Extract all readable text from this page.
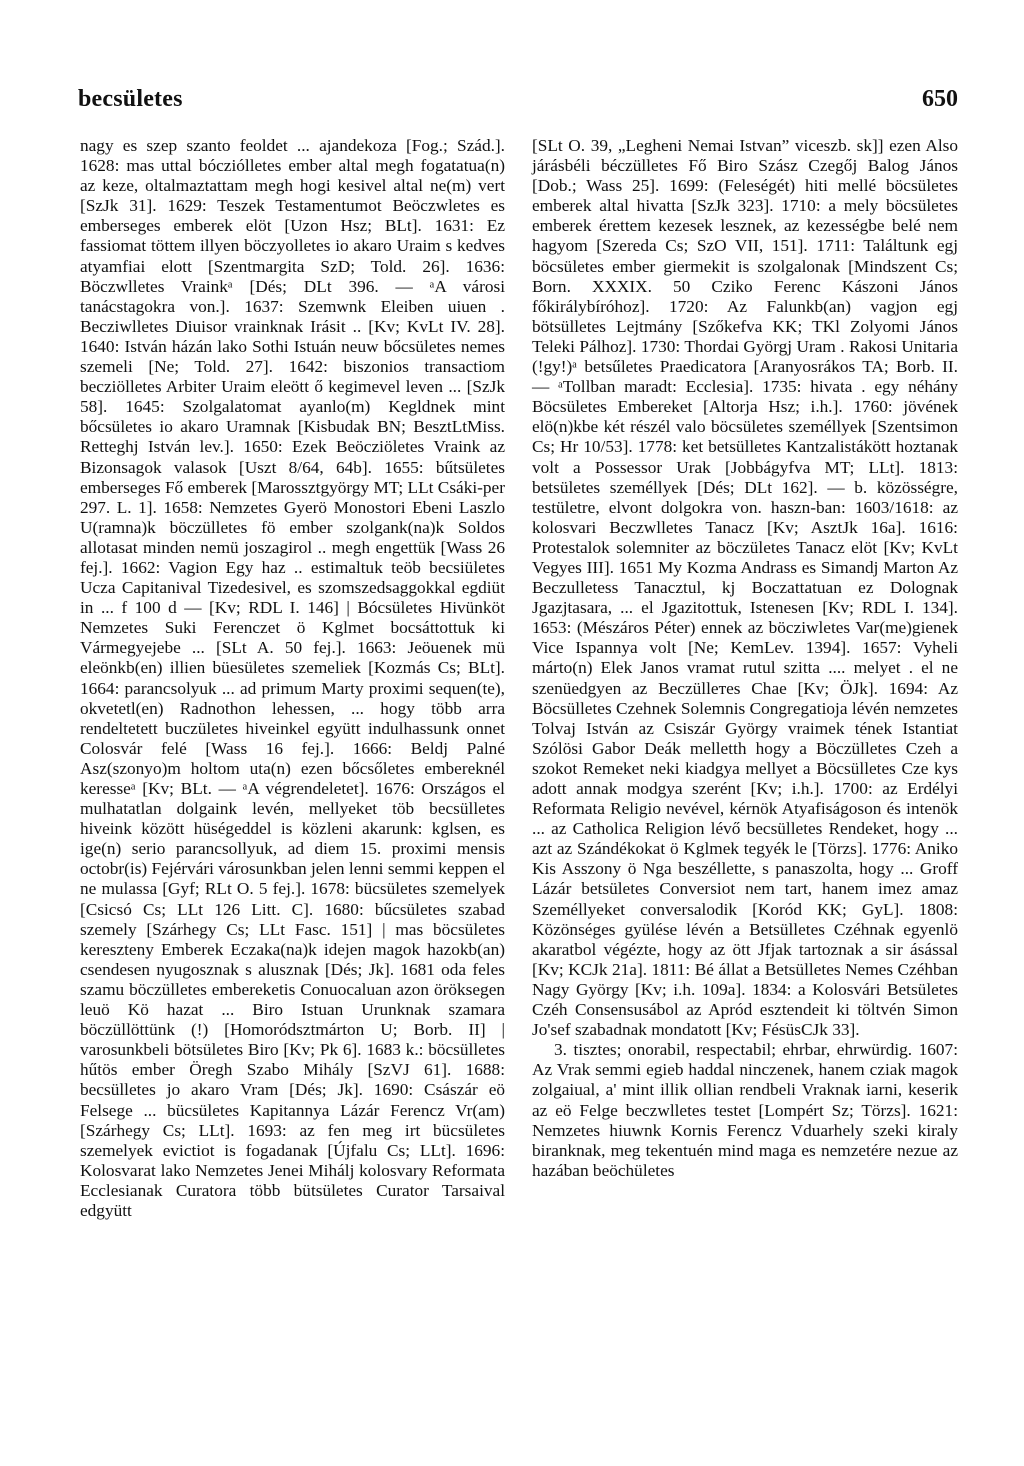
becsületes	650

nagy es szep szanto feoldet ... ajandekoza [Fog.; Szád.]. 1628: mas uttal bócziólletes ember altal megh fogatatua(n) az keze, oltalmaztattam megh hogi kesivel altal ne(m) vert [SzJk 31]. 1629: Teszek Testamentumot Beöczwletes es emberseges emberek elöt [Uzon Hsz; BLt]. 1631: Ez fassiomat töttem illyen böczyolletes io akaro Uraim s kedves atyamfiai elott [Szentmargita SzD; Told. 26]. 1636: Böczwlletes Vrainkᵃ [Dés; DLt 396. — ᵃA városi tanácstagokra von.]. 1637: Szemwnk Eleiben uiuen . Becziwlletes Diuisor vrainknak Irásit .. [Kv; KvLt IV. 28]. 1640: István házán lako Sothi Istuán neuw bőcsületes nemes szemeli [Ne; Told. 27]. 1642: biszonios transactiom becziölletes Arbiter Uraim eleött ő kegimevel leven ... [SzJk 58]. 1645: Szolgalatomat ayanlo(m) Kegldnek mint bőcsületes io akaro Uramnak [Kisbudak BN; BesztLtMiss. Retteghj István lev.]. 1650: Ezek Beöcziöletes Vraink az Bizonsagok valasok [Uszt 8/64, 64b]. 1655: bűtsületes emberseges Fő emberek [Marossztgyörgy MT; LLt Csáki-per 297. L. 1]. 1658: Nemzetes Gyerö Monostori Ebeni Laszlo U(ramna)k böczülletes fö ember szolgank(na)k Soldos allotasat minden nemü joszagirol .. megh engettük [Wass 26 fej.]. 1662: Vagion Egy haz .. estimaltuk teöb becsiületes Ucza Capitanival Tizedesivel, es szomszedsaggokkal egdiüt in ... f 100 d — [Kv; RDL I. 146] | Bócsületes Hivünköt Nemzetes Suki Ferenczet ö Kglmet bocsáttottuk ki Vármegyejebe ... [SLt A. 50 fej.]. 1663: Jeöuenek mü eleönkb(en) illien büesületes szemeliek [Kozmás Cs; BLt]. 1664: parancsolyuk ... ad primum Marty proximi sequen(te), okvetetl(en) Radnothon lehessen, ... hogy több arra rendeltetett buczületes hiveinkel együtt indulhassunk onnet Colosvár felé [Wass 16 fej.]. 1666: Beldj Palné Asz(szonyo)m holtom uta(n) ezen bőcsőletes embereknél keresseᵃ [Kv; BLt. — ᵃA végrendeletet]. 1676: Országos el mulhatatlan dolgaink levén, mellyeket töb becsülletes hiveink között hüségeddel is közleni akarunk: kglsen, es ige(n) serio parancsollyuk, ad diem 15. proximi mensis octobr(is) Fejérvári városunkban jelen lenni semmi keppen el ne mulassa [Gyf; RLt O. 5 fej.]. 1678: bücsületes szemelyek [Csicsó Cs; LLt 126 Litt. C]. 1680: bűcsületes szabad szemely [Szárhegy Cs; LLt Fasc. 151] | mas böcsületes kereszteny Emberek Eczaka(na)k idejen magok hazokb(an) csendesen nyugosznak s alusznak [Dés; Jk]. 1681 oda feles szamu böczülletes embereketis Conuocaluan azon öröksegen leuö Kö hazat ... Biro Istuan Urunknak szamara böczüllöttünk (!) [Homoródsztmárton U; Borb. II] | varosunkbeli bötsületes Biro [Kv; Pk 6]. 1683 k.: böcsülletes hűtös ember Öregh Szabo Mihály [SzVJ 61]. 1688: becsülletes jo akaro Vram [Dés; Jk]. 1690: Császár eö Felsege ... bücsületes Kapitannya Lázár Ferencz Vr(am) [Szárhegy Cs; LLt]. 1693: az fen meg irt bücsületes szemelyek evictiot is fogadanak [Újfalu Cs; LLt]. 1696: Kolosvarat lako Nemzetes Jenei Mihálj kolosvary Reformata Ecclesianak Curatora több bütsületes Curator Tarsaival edgyütt

[SLt O. 39, „Legheni Nemai Istvan” viceszb. sk]] ezen Also járásbéli béczülletes Fő Biro Szász Czegőj Balog János [Dob.; Wass 25]. 1699: (Feleségét) hiti mellé böcsületes emberek altal hivatta [SzJk 323]. 1710: a mely böcsületes emberek érettem kezesek lesznek, az kezességbe belé nem hagyom [Szereda Cs; SzO VII, 151]. 1711: Találtunk egj böcsületes ember giermekit is szolgalonak [Mindszent Cs; Born. XXXIX. 50 Cziko Ferenc Kászoni János főkirálybíróhoz]. 1720: Az Falunkb(an) vagjon egj bötsülletes Lejtmány [Szőkefva KK; TKl Zolyomi János Teleki Pálhoz]. 1730: Thordai Györgj Uram . Rakosi Unitaria (!gy!)ᵃ betsűletes Praedicatora [Aranyosrákos TA; Borb. II. — ᵃTollban maradt: Ecclesia]. 1735: hivata . egy néhány Böcsületes Embereket [Altorja Hsz; i.h.]. 1760: jövének elö(n)kbe két részél valo böcsületes személlyek [Szentsimon Cs; Hr 10/53]. 1778: ket betsülletes Kantzalistákött hoztanak volt a Possessor Urak [Jobbágyfva MT; LLt]. 1813: betsületes személlyek [Dés; DLt 162]. — b. közösségre, testületre, elvont dolgokra von. haszn-ban: 1603/1618: az kolosvari Beczwlletes Tanacz [Kv; AsztJk 16a]. 1616: Protestalok solemniter az böczületes Tanacz elöt [Kv; KvLt Vegyes III]. 1651 My Kozma Andrass es Simandj Marton Az Beczulletess Tanacztul, kj Boczattatuan ez Dolognak Jgazjtasara, ... el Jgazitottuk, Istenesen [Kv; RDL I. 134]. 1653: (Mészáros Péter) ennek az böcziwletes Var(me)gienek Vice Ispannya volt [Ne; KemLev. 1394]. 1657: Vyheli márto(n) Elek Janos vramat rutul szitta .... melyet . el ne szenüedgyen az Beczüllетes Chae [Kv; ÖJk]. 1694: Az Böcsülletes Czehnek Solemnis Congregatioja lévén nemzetes Tolvaj István az Csiszár György vraimek tének Istantiat Szólösi Gabor Deák melletth hogy a Böczülletes Czeh a szokot Remeket neki kiadgya mellyet a Böcsülletes Cze kys adott annak modgya szerént [Kv; i.h.]. 1700: az Erdélyi Reformata Religio nevével, kérnök Atyafiságoson és intenök ... az Catholica Religion lévő becsülletes Rendeket, hogy ... azt az Szándékokat ö Kglmek tegyék le [Törzs]. 1776: Aniko Kis Asszony ö Nga beszéllette, s panaszolta, hogy ... Groff Lázár betsületes Conversiot nem tart, hanem imez amaz Személlyeket conversalodik [Koród KK; GyL]. 1808: Közönséges gyülése lévén a Betsülletes Czéhnak egyenlö akaratbol végézte, hogy az ött Jfjak tartoznak a sir ásással [Kv; KCJk 21a]. 1811: Bé állat a Betsülletes Nemes Czéhban Nagy György [Kv; i.h. 109a]. 1834: a Kolosvári Betsületes Czéh Consensusábol az Apród esztendeit ki töltvén Simon Jo'sef szabadnak mondatott [Kv; FésüsCJk 33].

3. tisztes; onorabil, respectabil; ehrbar, ehrwürdig. 1607: Az Vrak semmi egieb haddal ninczenek, hanem cziak magok zolgaiual, a' mint illik ollian rendbeli Vraknak iarni, keserik az eö Felge beczwlletes testet [Lompért Sz; Törzs]. 1621: Nemzetes hiuwnk Kornis Ferencz Vduarhely szeki kiraly biranknak, meg tekentuén mind maga es nemzetére nezue az hazában beöchületes
